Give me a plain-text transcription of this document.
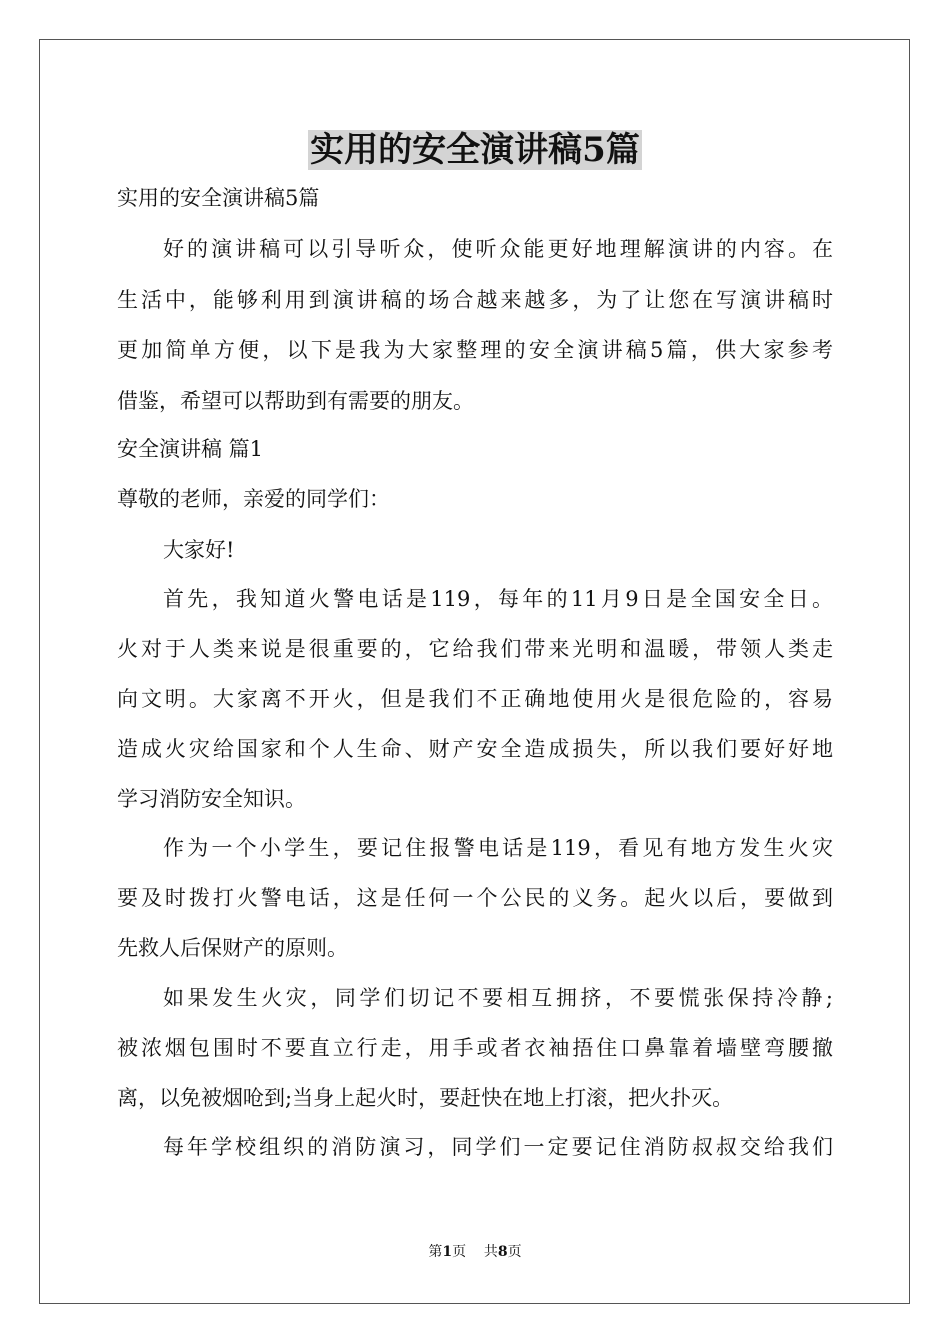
实用的安全演讲稿5篇

实用的安全演讲稿5篇

好的演讲稿可以引导听众，使听众能更好地理解演讲的内容。在

生活中，能够利用到演讲稿的场合越来越多，为了让您在写演讲稿时

更加简单方便，以下是我为大家整理的安全演讲稿5篇，供大家参考

借鉴，希望可以帮助到有需要的朋友。

安全演讲稿 篇1

尊敬的老师，亲爱的同学们：

大家好!

首先，我知道火警电话是119，每年的11月9日是全国安全日。

火对于人类来说是很重要的，它给我们带来光明和温暖，带领人类走

向文明。大家离不开火，但是我们不正确地使用火是很危险的，容易

造成火灾给国家和个人生命、财产安全造成损失，所以我们要好好地

学习消防安全知识。

作为一个小学生，要记住报警电话是119，看见有地方发生火灾

要及时拨打火警电话，这是任何一个公民的义务。起火以后，要做到

先救人后保财产的原则。

如果发生火灾，同学们切记不要相互拥挤，不要慌张保持冷静;

被浓烟包围时不要直立行走，用手或者衣袖捂住口鼻靠着墙壁弯腰撤

离，以免被烟呛到;当身上起火时，要赶快在地上打滚，把火扑灭。

每年学校组织的消防演习，同学们一定要记住消防叔叔交给我们

第1页 共8页
